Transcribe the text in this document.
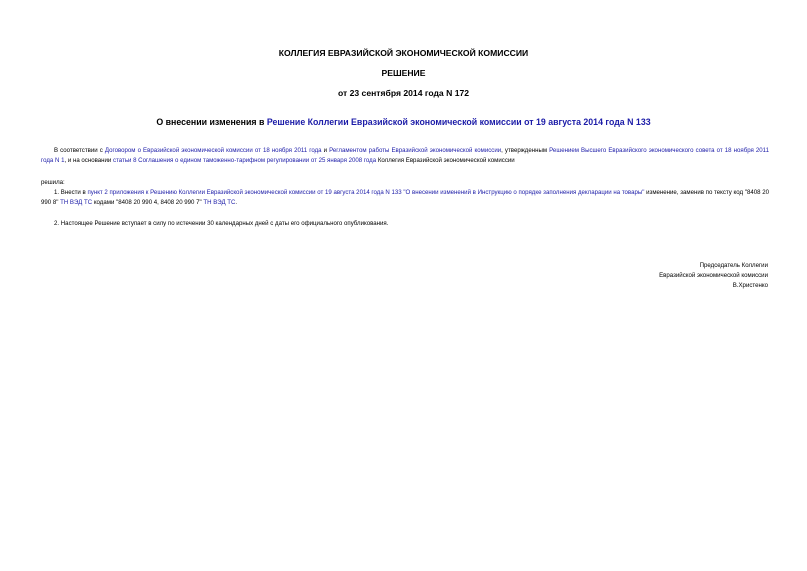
КОЛЛЕГИЯ ЕВРАЗИЙСКОЙ ЭКОНОМИЧЕСКОЙ КОМИССИИ
РЕШЕНИЕ
от 23 сентября 2014 года N 172
О внесении изменения в Решение Коллегии Евразийской экономической комиссии от 19 августа 2014 года N 133
В соответствии с Договором о Евразийской экономической комиссии от 18 ноября 2011 года и Регламентом работы Евразийской экономической комиссии, утвержденным Решением Высшего Евразийского экономического совета от 18 ноября 2011 года N 1, и на основании статьи 8 Соглашения о едином таможенно-тарифном регулировании от 25 января 2008 года Коллегия Евразийской экономической комиссии
решила:
1. Внести в пункт 2 приложения к Решению Коллегии Евразийской экономической комиссии от 19 августа 2014 года N 133 "О внесении изменений в Инструкцию о порядке заполнения декларации на товары" изменение, заменив по тексту код "8408 20 990 8" ТН ВЭД ТС кодами "8408 20 990 4, 8408 20 990 7" ТН ВЭД ТС.
2. Настоящее Решение вступает в силу по истечении 30 календарных дней с даты его официального опубликования.
Председатель Коллегии
Евразийской экономической комиссии
В.Христенко
